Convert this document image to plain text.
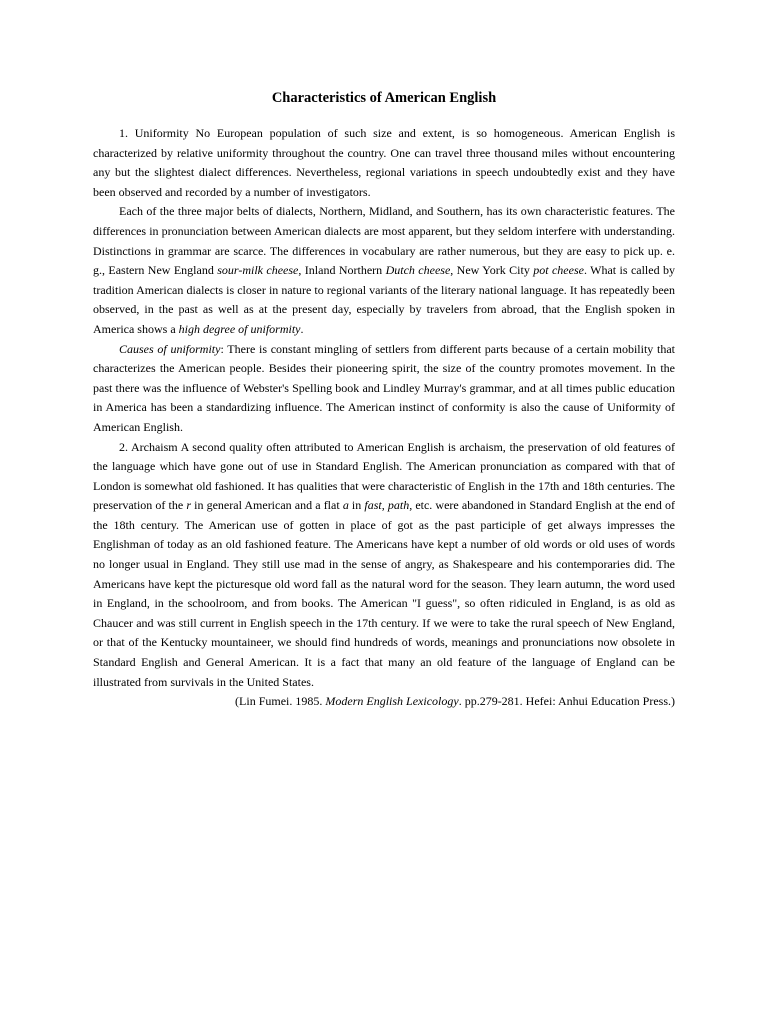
Characteristics of American English

1. Uniformity No European population of such size and extent, is so homogeneous. American English is characterized by relative uniformity throughout the country. One can travel three thousand miles without encountering any but the slightest dialect differences. Nevertheless, regional variations in speech undoubtedly exist and they have been observed and recorded by a number of investigators.

Each of the three major belts of dialects, Northern, Midland, and Southern, has its own characteristic features. The differences in pronunciation between American dialects are most apparent, but they seldom interfere with understanding. Distinctions in grammar are scarce. The differences in vocabulary are rather numerous, but they are easy to pick up. e. g., Eastern New England sour-milk cheese, Inland Northern Dutch cheese, New York City pot cheese. What is called by tradition American dialects is closer in nature to regional variants of the literary national language. It has repeatedly been observed, in the past as well as at the present day, especially by travelers from abroad, that the English spoken in America shows a high degree of uniformity.

Causes of uniformity: There is constant mingling of settlers from different parts because of a certain mobility that characterizes the American people. Besides their pioneering spirit, the size of the country promotes movement. In the past there was the influence of Webster's Spelling book and Lindley Murray's grammar, and at all times public education in America has been a standardizing influence. The American instinct of conformity is also the cause of Uniformity of American English.

2. Archaism A second quality often attributed to American English is archaism, the preservation of old features of the language which have gone out of use in Standard English. The American pronunciation as compared with that of London is somewhat old fashioned. It has qualities that were characteristic of English in the 17th and 18th centuries. The preservation of the r in general American and a flat a in fast, path, etc. were abandoned in Standard English at the end of the 18th century. The American use of gotten in place of got as the past participle of get always impresses the Englishman of today as an old fashioned feature. The Americans have kept a number of old words or old uses of words no longer usual in England. They still use mad in the sense of angry, as Shakespeare and his contemporaries did. The Americans have kept the picturesque old word fall as the natural word for the season. They learn autumn, the word used in England, in the schoolroom, and from books. The American "I guess", so often ridiculed in England, is as old as Chaucer and was still current in English speech in the 17th century. If we were to take the rural speech of New England, or that of the Kentucky mountaineer, we should find hundreds of words, meanings and pronunciations now obsolete in Standard English and General American. It is a fact that many an old feature of the language of England can be illustrated from survivals in the United States.

(Lin Fumei. 1985. Modern English Lexicology. pp.279-281. Hefei: Anhui Education Press.)
